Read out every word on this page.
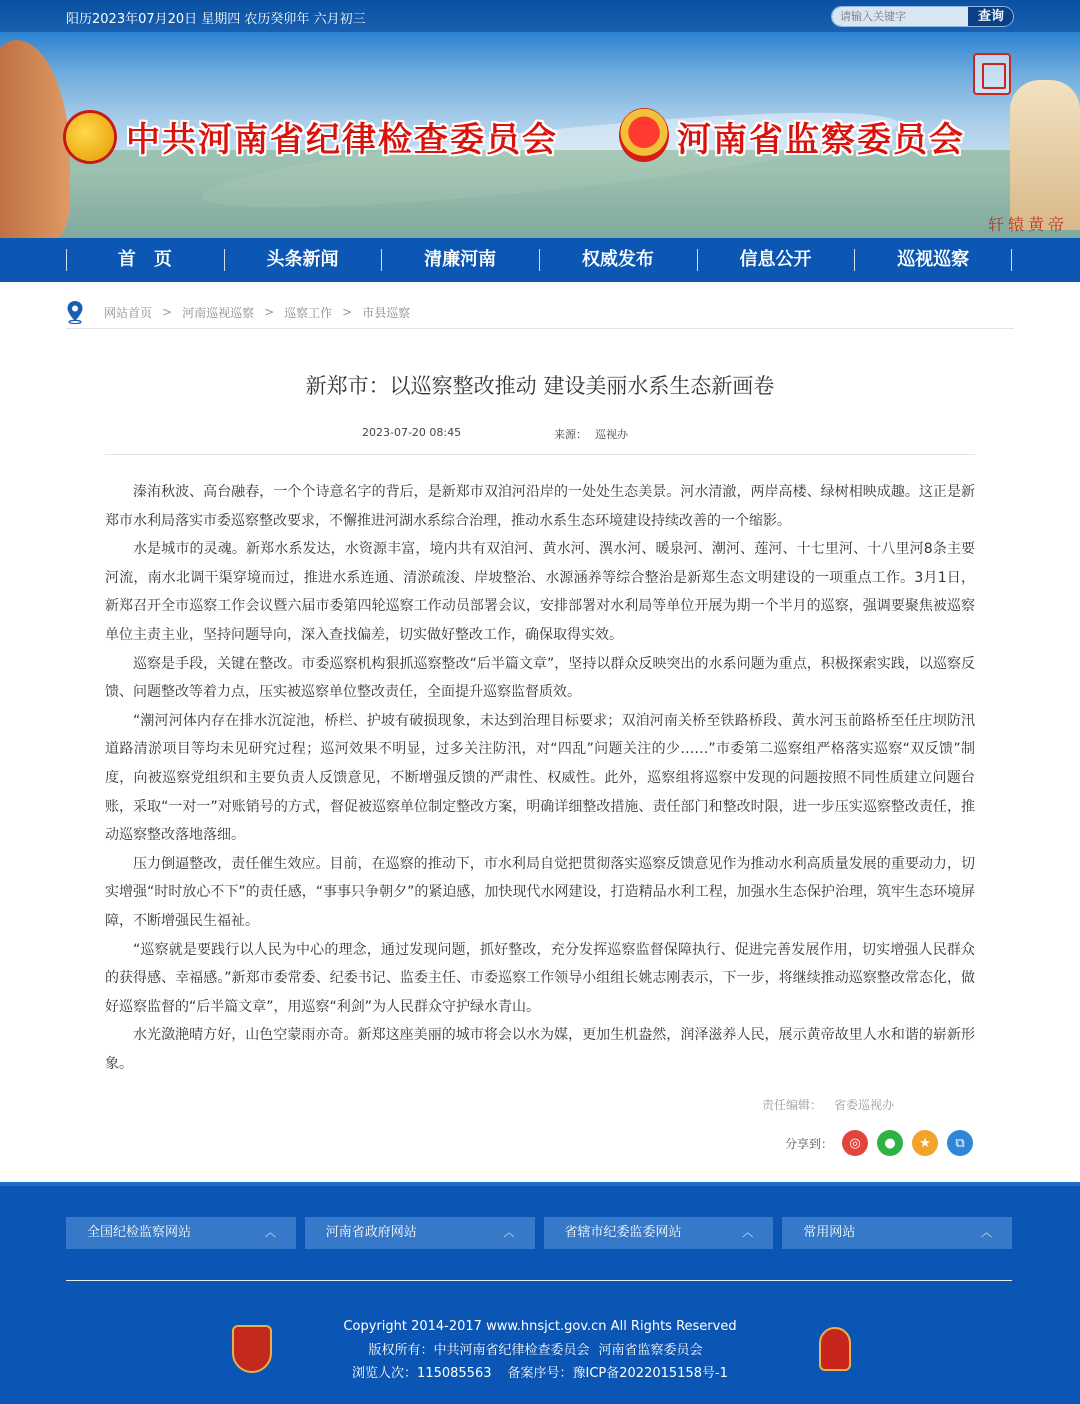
阳历2023年07月20日 星期四 农历癸卯年 六月初三
请输入关键字	查询
中共河南省纪律检查委员会	河南省监察委员会
轩辕黄帝
首　页	头条新闻	清廉河南	权威发布	信息公开	巡视巡察
网站首页 > 河南巡视巡察 > 巡察工作 > 市县巡察
新郑市：以巡察整改推动 建设美丽水系生态新画卷
2023-07-20 08:45	来源： 巡视办

溱洧秋波、高台融春，一个个诗意名字的背后，是新郑市双洎河沿岸的一处处生态美景。河水清澈，两岸高楼、绿树相映成趣。这正是新郑市水利局落实市委巡察整改要求，不懈推进河湖水系综合治理，推动水系生态环境建设持续改善的一个缩影。

水是城市的灵魂。新郑水系发达，水资源丰富，境内共有双洎河、黄水河、潩水河、暖泉河、潮河、莲河、十七里河、十八里河8条主要河流，南水北调干渠穿境而过，推进水系连通、清淤疏浚、岸坡整治、水源涵养等综合整治是新郑生态文明建设的一项重点工作。3月1日，新郑召开全市巡察工作会议暨六届市委第四轮巡察工作动员部署会议，安排部署对水利局等单位开展为期一个半月的巡察，强调要聚焦被巡察单位主责主业，坚持问题导向，深入查找偏差，切实做好整改工作，确保取得实效。

巡察是手段，关键在整改。市委巡察机构狠抓巡察整改“后半篇文章”，坚持以群众反映突出的水系问题为重点，积极探索实践，以巡察反馈、问题整改等着力点，压实被巡察单位整改责任，全面提升巡察监督质效。

“潮河河体内存在排水沉淀池，桥栏、护坡有破损现象，未达到治理目标要求；双洎河南关桥至铁路桥段、黄水河玉前路桥至任庄坝防汛道路清淤项目等均未见研究过程；巡河效果不明显，过多关注防汛，对“四乱”问题关注的少……”市委第二巡察组严格落实巡察“双反馈”制度，向被巡察党组织和主要负责人反馈意见，不断增强反馈的严肃性、权威性。此外，巡察组将巡察中发现的问题按照不同性质建立问题台账，采取“一对一”对账销号的方式，督促被巡察单位制定整改方案，明确详细整改措施、责任部门和整改时限，进一步压实巡察整改责任，推动巡察整改落地落细。

压力倒逼整改，责任催生效应。目前，在巡察的推动下，市水利局自觉把贯彻落实巡察反馈意见作为推动水利高质量发展的重要动力，切实增强“时时放心不下”的责任感，“事事只争朝夕”的紧迫感，加快现代水网建设，打造精品水利工程，加强水生态保护治理，筑牢生态环境屏障，不断增强民生福祉。

“巡察就是要践行以人民为中心的理念，通过发现问题，抓好整改，充分发挥巡察监督保障执行、促进完善发展作用，切实增强人民群众的获得感、幸福感。”新郑市委常委、纪委书记、监委主任、市委巡察工作领导小组组长姚志刚表示，下一步，将继续推动巡察整改常态化，做好巡察监督的“后半篇文章”，用巡察“利剑”为人民群众守护绿水青山。

水光潋滟晴方好，山色空蒙雨亦奇。新郑这座美丽的城市将会以水为媒，更加生机盎然，润泽滋养人民，展示黄帝故里人水和谐的崭新形象。

责任编辑： 省委巡视办
分享到：	◎	●	★	⧉
全国纪检监察网站	︿	河南省政府网站	︿	省辖市纪委监委网站	︿	常用网站	︿
Copyright 2014-2017 www.hnsjct.gov.cn All Rights Reserved
版权所有：中共河南省纪律检查委员会 河南省监察委员会
浏览人次：115085563 备案序号：豫ICP备2022015158号-1
